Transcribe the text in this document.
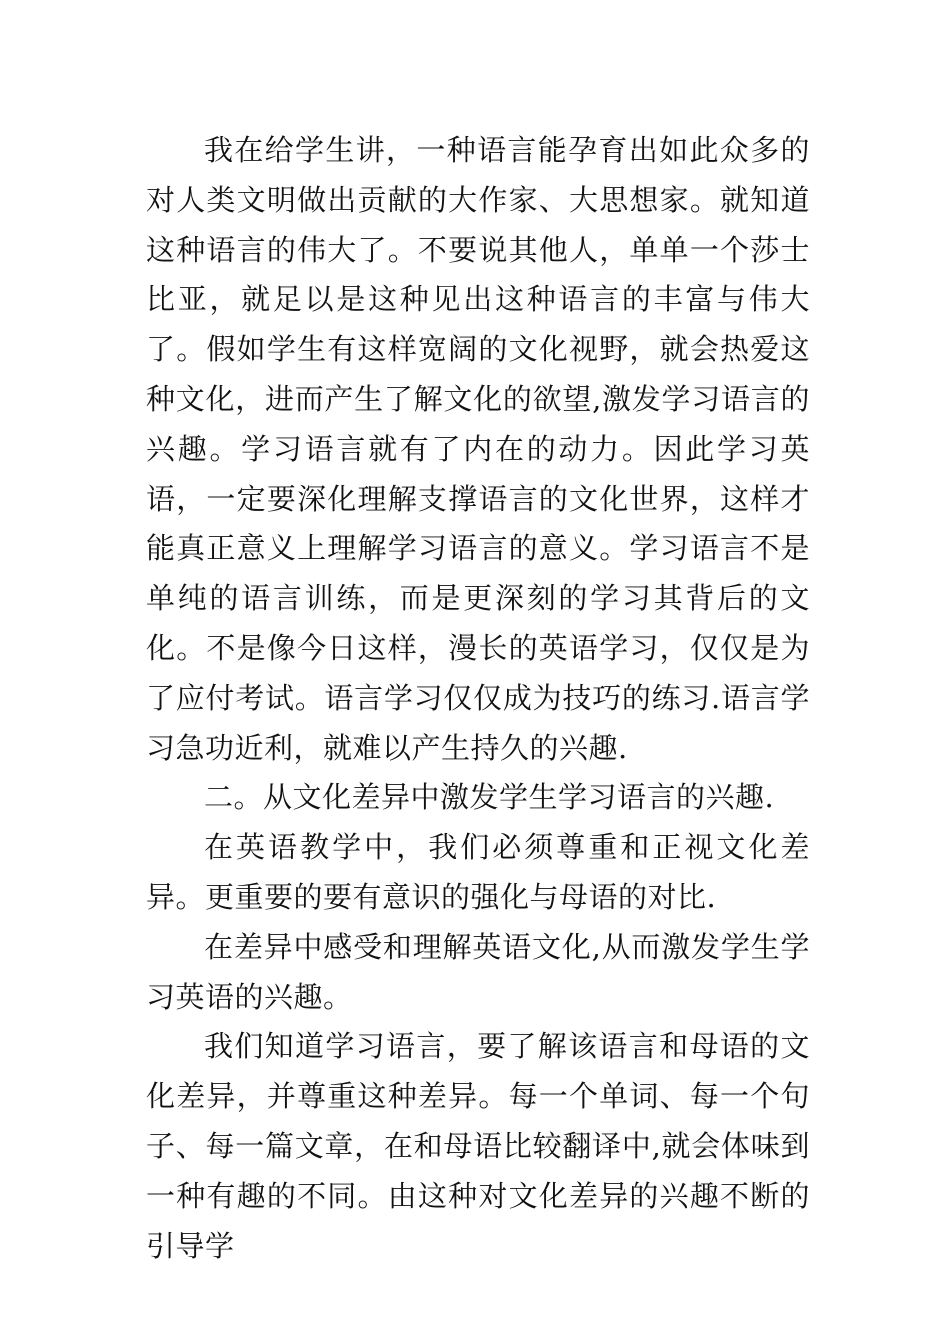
我在给学生讲，一种语言能孕育出如此众多的对人类文明做出贡献的大作家、大思想家。就知道这种语言的伟大了。不要说其他人，单单一个莎士比亚，就足以是这种见出这种语言的丰富与伟大了。假如学生有这样宽阔的文化视野，就会热爱这种文化，进而产生了解文化的欲望,激发学习语言的兴趣。学习语言就有了内在的动力。因此学习英语，一定要深化理解支撑语言的文化世界，这样才能真正意义上理解学习语言的意义。学习语言不是单纯的语言训练，而是更深刻的学习其背后的文化。不是像今日这样，漫长的英语学习，仅仅是为了应付考试。语言学习仅仅成为技巧的练习.语言学习急功近利，就难以产生持久的兴趣.

二。从文化差异中激发学生学习语言的兴趣.

在英语教学中，我们必须尊重和正视文化差异。更重要的要有意识的强化与母语的对比.

在差异中感受和理解英语文化,从而激发学生学习英语的兴趣。

我们知道学习语言，要了解该语言和母语的文化差异，并尊重这种差异。每一个单词、每一个句子、每一篇文章，在和母语比较翻译中,就会体味到一种有趣的不同。由这种对文化差异的兴趣不断的引导学
